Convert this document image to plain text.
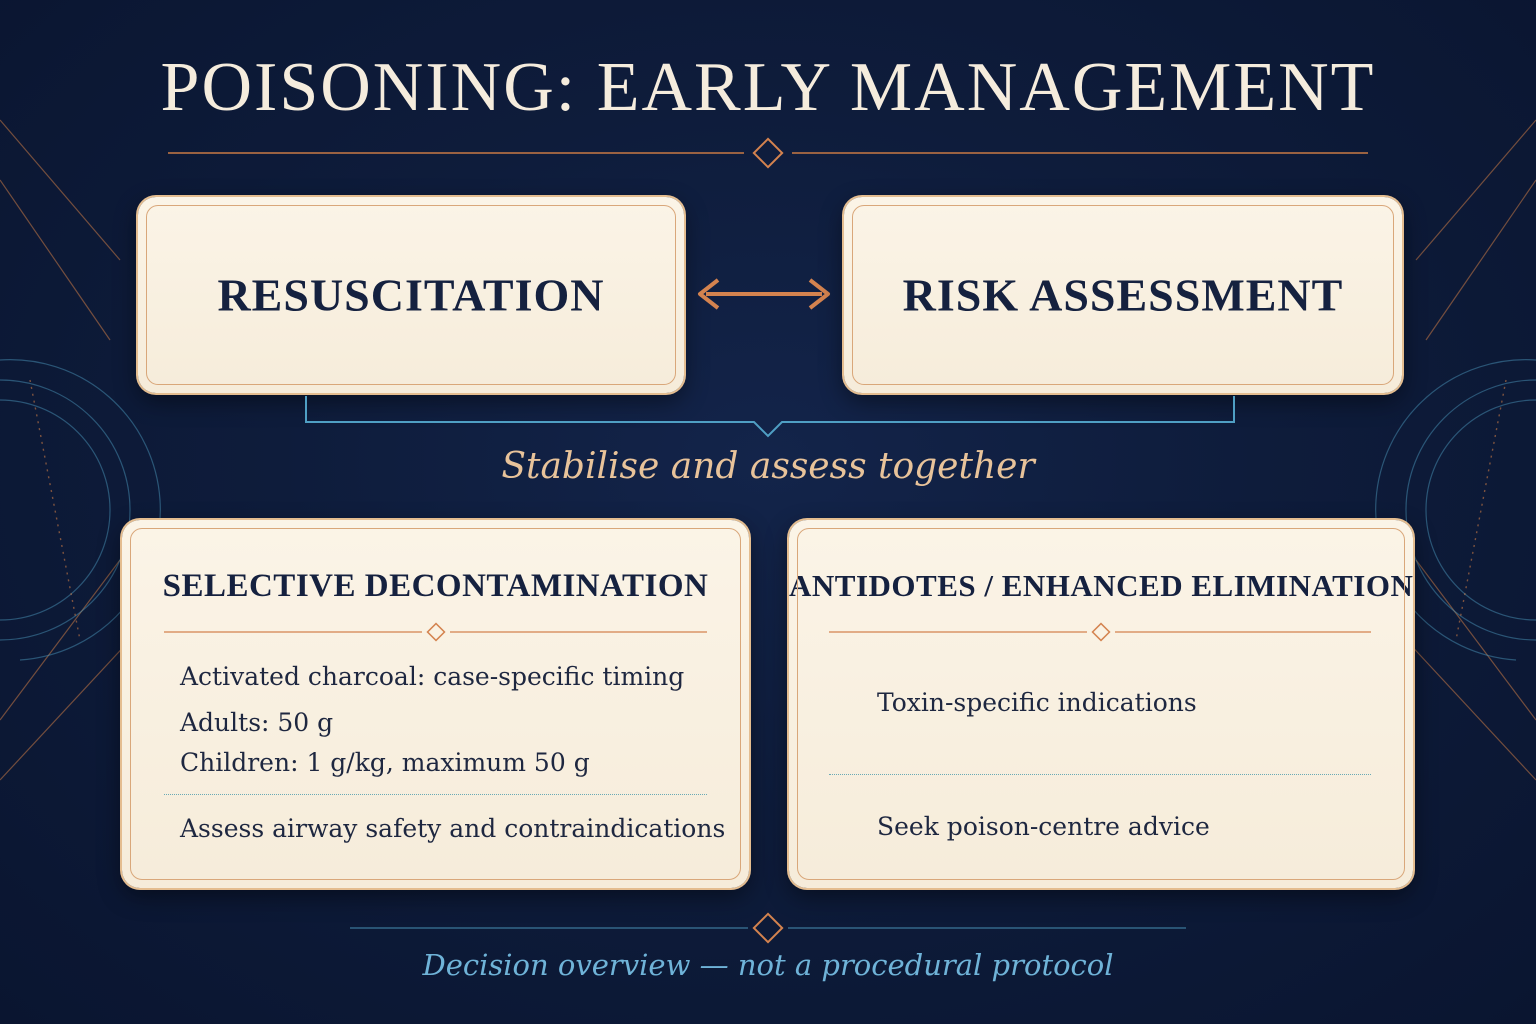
POISONING: EARLY MANAGEMENT
RESUSCITATION	RISK ASSESSMENT
Stabilise and assess together
SELECTIVE DECONTAMINATION
Activated charcoal: case-specific timing
Adults: 50 g
Children: 1 g/kg, maximum 50 g
Assess airway safety and contraindications
ANTIDOTES / ENHANCED ELIMINATION
Toxin-specific indications
Seek poison-centre advice
Decision overview — not a procedural protocol
